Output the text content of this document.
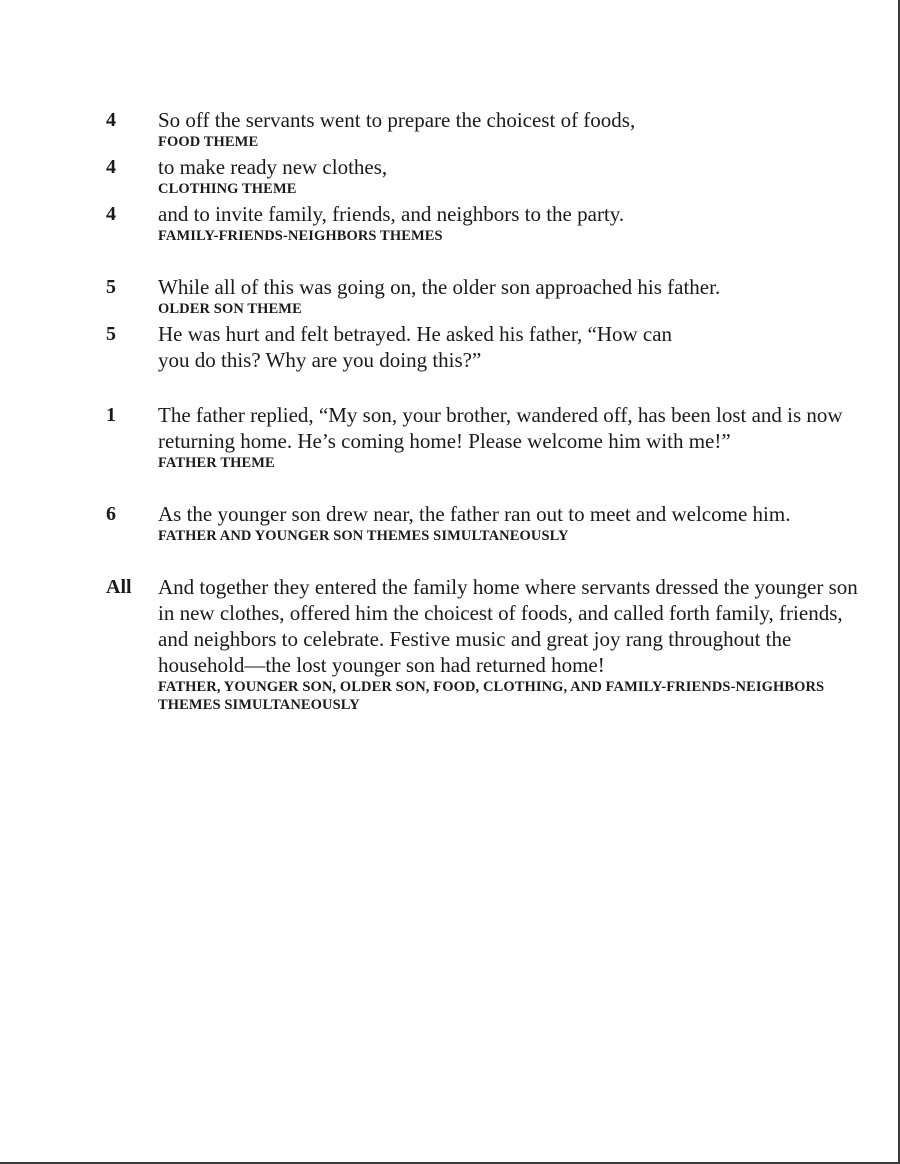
4	So off the servants went to prepare the choicest of foods,

FOOD THEME

4	to make ready new clothes,

CLOTHING THEME

4	and to invite family, friends, and neighbors to the party.

FAMILY-FRIENDS-NEIGHBORS THEMES

5	While all of this was going on, the older son approached his father.

OLDER SON THEME

5	He was hurt and felt betrayed. He asked his father, “How can you do this? Why are you doing this?”

1	The father replied, “My son, your brother, wandered off, has been lost and is now returning home. He’s coming home! Please welcome him with me!”

FATHER THEME

6	As the younger son drew near, the father ran out to meet and welcome him.

FATHER AND YOUNGER SON THEMES SIMULTANEOUSLY

All	And together they entered the family home where servants dressed the younger son in new clothes, offered him the choicest of foods, and called forth family, friends, and neighbors to celebrate. Festive music and great joy rang throughout the household—the lost younger son had returned home!

FATHER, YOUNGER SON, OLDER SON, FOOD, CLOTHING, AND FAMILY-FRIENDS-NEIGHBORS THEMES SIMULTANEOUSLY
